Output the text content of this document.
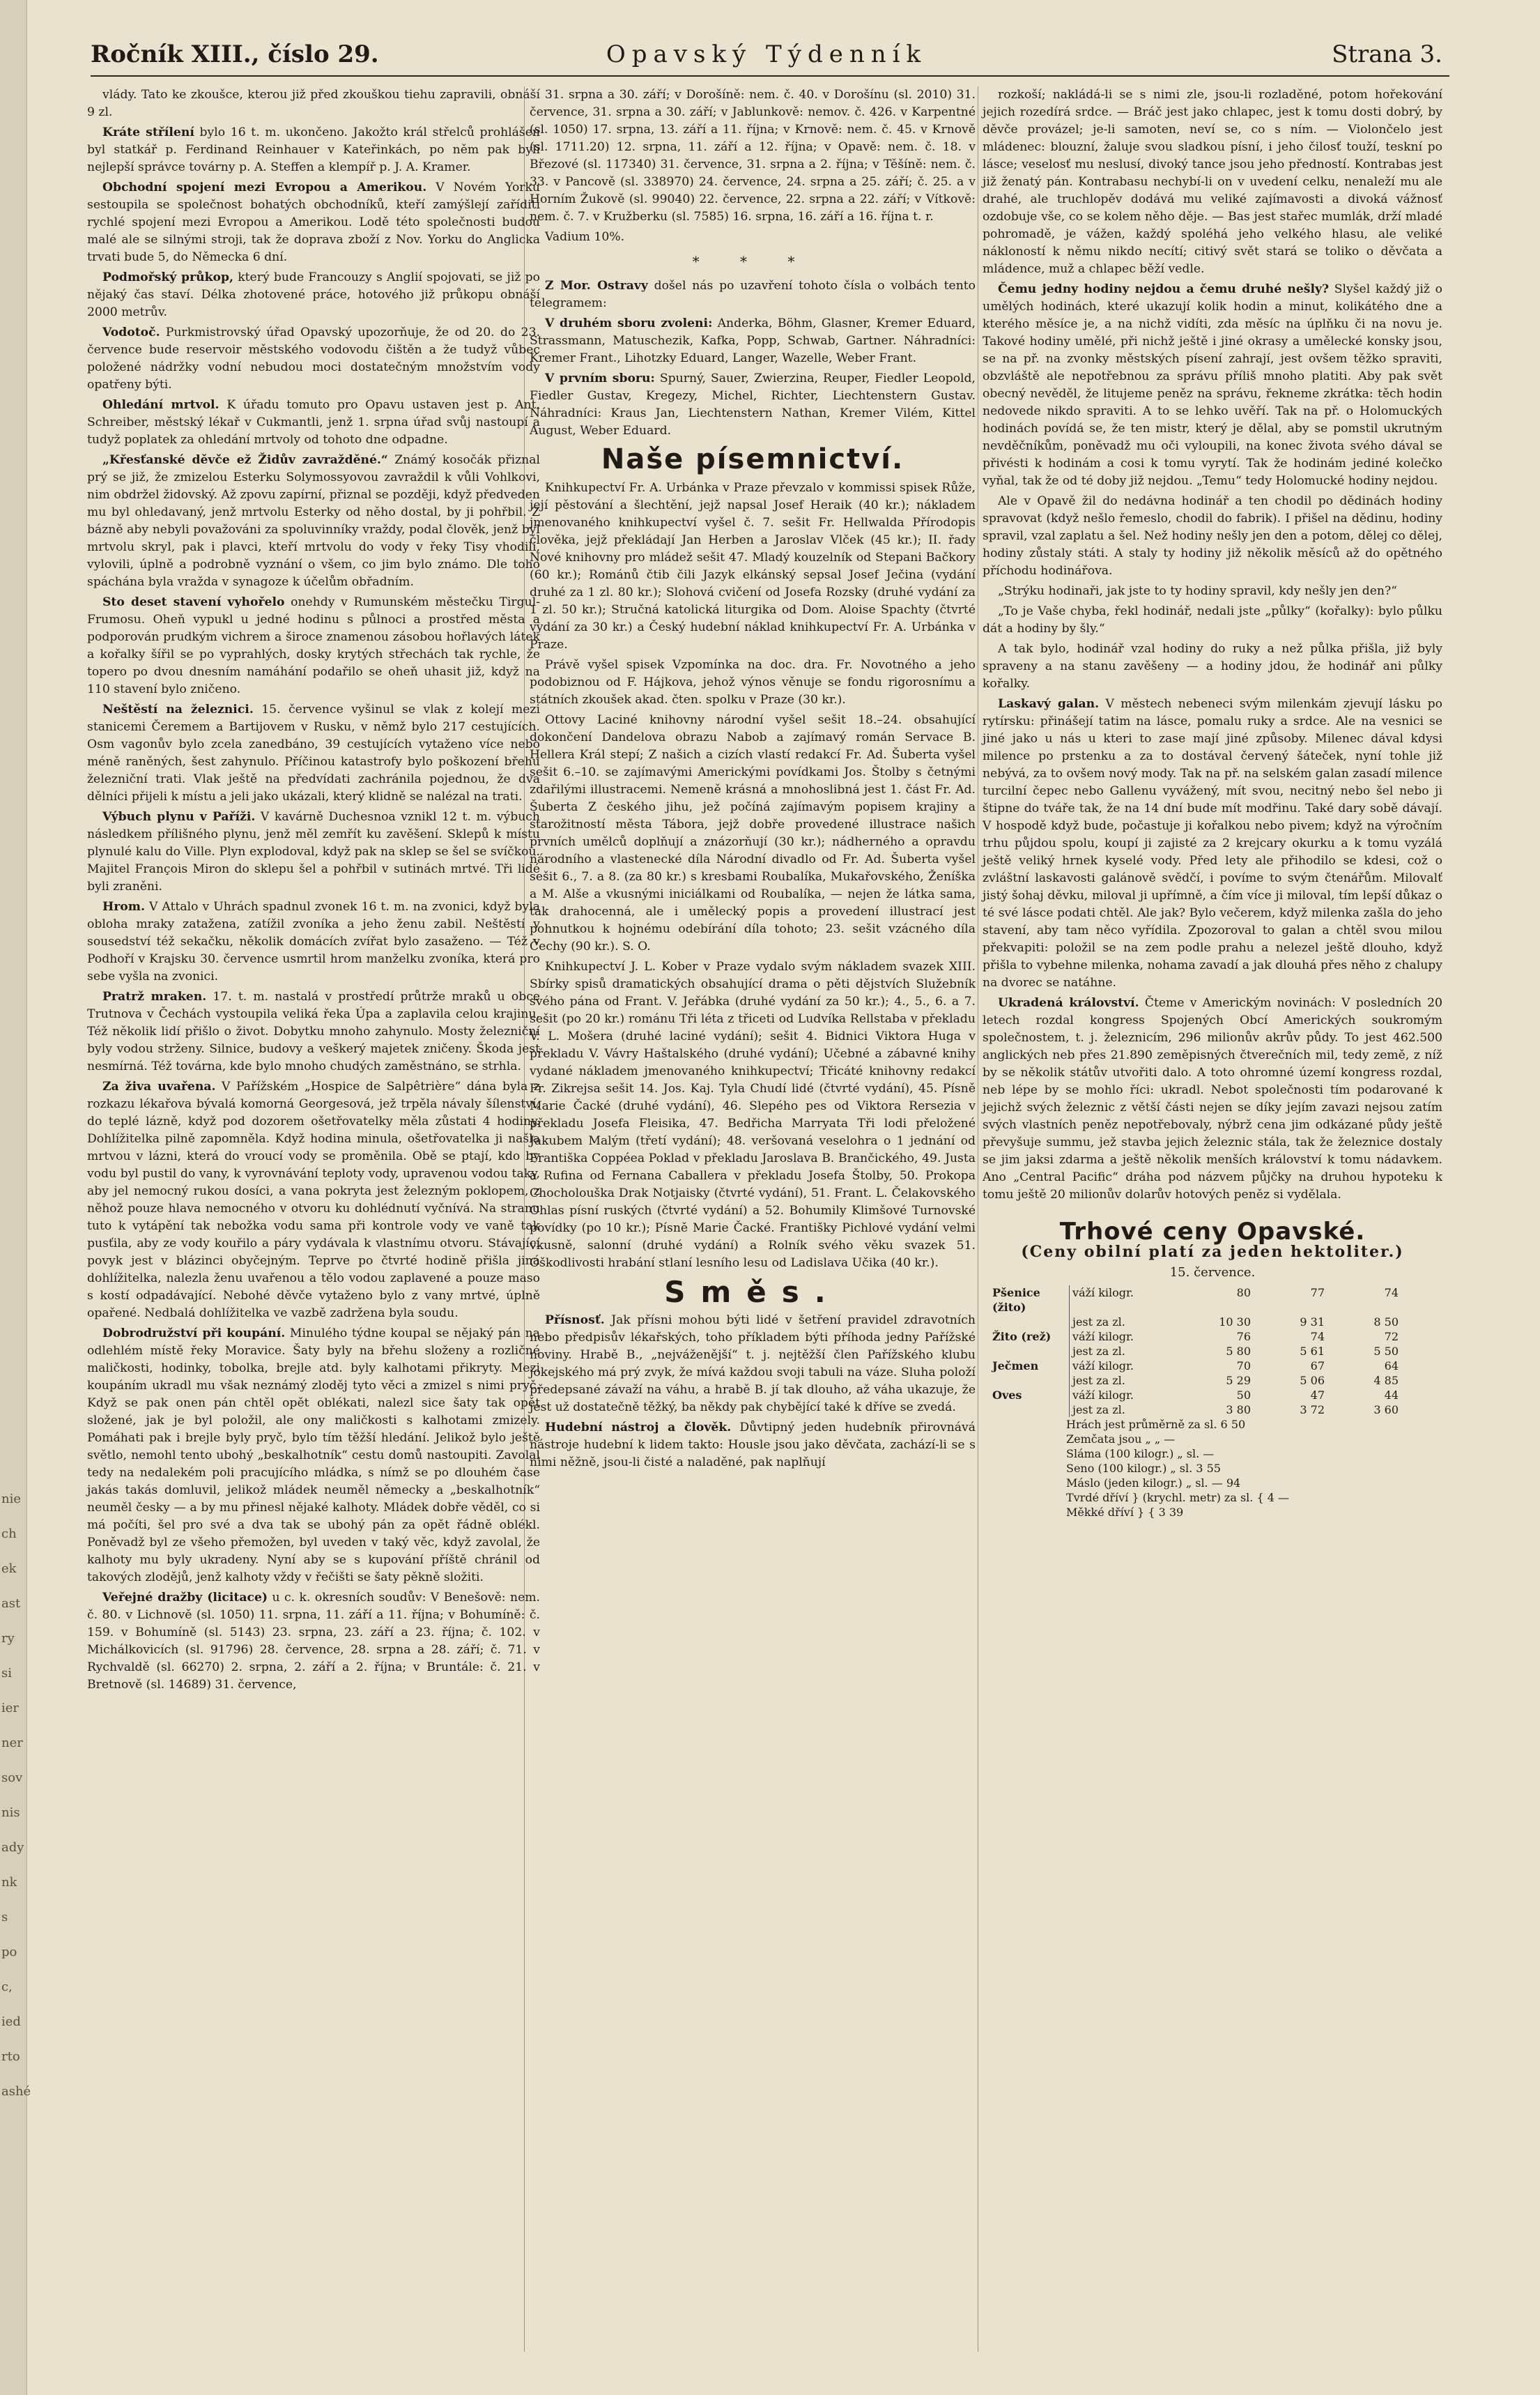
nie
ch
ek
ast
ry
si
ier
ner
sov
nis
ady
nk
s
po
c,
ied
rto
ashé
Ročník XIII., číslo 29.	Opavský Týdenník	Strana 3.

vlády. Tato ke zkoušce, kterou již před zkouškou tiehu zapravili, obnáší 9 zl.

Kráte střílení bylo 16 t. m. ukončeno. Jakožto král střelců prohlášen byl statkář p. Ferdinand Reinhauer v Kateřinkách, po něm pak byli nejlepší správce továrny p. A. Steffen a klempíř p. J. A. Kramer.

Obchodní spojení mezi Evropou a Amerikou. V Novém Yorku sestoupila se společnost bohatých obchodníků, kteří zamýšlejí zaříditi rychlé spojení mezi Evropou a Amerikou. Lodě této společnosti budou malé ale se silnými stroji, tak že doprava zboží z Nov. Yorku do Anglicka trvati bude 5, do Německa 6 dní.

Podmořský průkop, který bude Francouzy s Anglií spojovati, se již po nějaký čas staví. Délka zhotovené práce, hotového již průkopu obnáší 2000 metrův.

Vodotoč. Purkmistrovský úřad Opavský upozorňuje, že od 20. do 23. července bude reservoir městského vodovodu čištěn a že tudyž vůbec položené nádržky vodní nebudou moci dostatečným množstvím vody opatřeny býti.

Ohledání mrtvol. K úřadu tomuto pro Opavu ustaven jest p. Ant. Schreiber, městský lékař v Cukmantli, jenž 1. srpna úřad svůj nastoupí a tudyž poplatek za ohledání mrtvoly od tohoto dne odpadne.

„Křesťanské děvče ež Židův zavražděné.“ Známý kosočák přiznal prý se již, že zmizelou Esterku Solymossyovou zavraždil k vůli Vohlkovi, nim obdržel židovský. Až zpovu zapírní, přiznal se později, když předveden mu byl ohledavaný, jenž mrtvolu Esterky od něho dostal, by ji pohřbil. Z bázně aby nebyli považováni za spoluvinníky vraždy, podal člověk, jenž byl mrtvolu skryl, pak i plavci, kteří mrtvolu do vody v řeky Tisy vhodili, vylovili, úplně a podrobně vyznání o všem, co jim bylo známo. Dle toho spáchána byla vražda v synagoze k účelům obřadním.

Sto deset stavení vyhořelo onehdy v Rumunském městečku Tirgul-Frumosu. Oheň vypukl u jedné hodinu s půlnoci a prostřed města a podporován prudkým vichrem a široce znamenou zásobou hořlavých látek a kořalky šířil se po vyprahlých, dosky krytých střechách tak rychle, že topero po dvou dnesním namáhání podařilo se oheň uhasit již, když na 110 stavení bylo zničeno.

Neštěstí na železnici. 15. července vyšinul se vlak z kolejí mezi stanicemi Čeremem a Bartijovem v Rusku, v němž bylo 217 cestujících. Osm vagonův bylo zcela zanedbáno, 39 cestujících vytaženo více nebo méně raněných, šest zahynulo. Příčinou katastrofy bylo poškození břehu železniční trati. Vlak ještě na předvídati zachránila pojednou, že dva dělníci přijeli k místu a jeli jako ukázali, který klidně se nalézal na trati.

Výbuch plynu v Paříži. V kavárně Duchesnoa vznikl 12 t. m. výbuch následkem přílišného plynu, jenž měl zemřít ku zavěšení. Sklepů k místu plynulé kalu do Ville. Plyn explodoval, když pak na sklep se šel se svíčkou. Majitel François Miron do sklepu šel a pohřbil v sutinách mrtvé. Tři lidé byli zraněni.

Hrom. V Attalo v Uhrách spadnul zvonek 16 t. m. na zvonici, když byla obloha mraky zatažena, zatížil zvoníka a jeho ženu zabil. Neštěstí v sousedství též sekačku, několik domácích zvířat bylo zasaženo. — Též v Podhoří v Krajsku 30. července usmrtil hrom manželku zvoníka, která pro sebe vyšla na zvonici.

Pratrž mraken. 17. t. m. nastalá v prostředí průtrže mraků u obce Trutnova v Čechách vystoupila veliká řeka Úpa a zaplavila celou krajinu. Též několik lidí přišlo o život. Dobytku mnoho zahynulo. Mosty železniční byly vodou strženy. Silnice, budovy a veškerý majetek zničeny. Škoda jest nesmírná. Též továrna, kde bylo mnoho chudých zaměstnáno, se strhla.

Za živa uvařena. V Pařížském „Hospice de Salpêtrière“ dána byla z rozkazu lékařova bývalá komorná Georgesová, jež trpěla návaly šílenství, do teplé lázně, když pod dozorem ošetřovatelky měla zůstati 4 hodiny. Dohlížitelka pilně zapomněla. Když hodina minula, ošetřovatelka ji našla mrtvou v lázni, která do vroucí vody se proměnila. Obě se ptají, kdo by vodu byl pustil do vany, k vyrovnávání teploty vody, upravenou vodou taky, aby jel nemocný rukou dosíci, a vana pokryta jest železným poklopem, z něhož pouze hlava nemocného v otvoru ku dohlédnutí vyčnívá. Na stranu tuto k vytápění tak nebožka vodu sama při kontrole vody ve vaně tak pusťila, aby ze vody kouřilo a páry vydávala k vlastnímu otvoru. Stávající povyk jest v blázinci obyčejným. Teprve po čtvrté hodině přišla jiná dohlížitelka, nalezla ženu uvařenou a tělo vodou zaplavené a pouze maso s kostí odpadávající. Nebohé děvče vytaženo bylo z vany mrtvé, úplně opařené. Nedbalá dohlížitelka ve vazbě zadržena byla soudu.

Dobrodružství při koupání. Minulého týdne koupal se nějaký pán na odlehlém místě řeky Moravice. Šaty byly na břehu složeny a rozličné maličkosti, hodinky, tobolka, brejle atd. byly kalhotami přikryty. Mezi koupáním ukradl mu však neznámý zloděj tyto věci a zmizel s nimi pryč. Když se pak onen pán chtěl opět oblékati, nalezl sice šaty tak opět složené, jak je byl položil, ale ony maličkosti s kalhotami zmizely. Pomáhati pak i brejle byly pryč, bylo tím těžší hledání. Jelikož bylo ještě světlo, nemohl tento ubohý „beskalhotník“ cestu domů nastoupiti. Zavolal tedy na nedalekém poli pracujícího mládka, s nímž se po dlouhém čase jakás takás domluvil, jelikož mládek neuměl německy a „beskalhotník“ neuměl česky — a by mu přinesl nějaké kalhoty. Mládek dobře věděl, co si má počíti, šel pro své a dva tak se ubohý pán za opět řádně oblékl. Poněvadž byl ze všeho přemožen, byl uveden v taký věc, když zavolal, že kalhoty mu byly ukradeny. Nyní aby se s kupování příště chránil od takových zlodějů, jenž kalhoty vždy v řečišti se šaty pěkně složiti.

Veřejné dražby (licitace) u c. k. okresních soudův: V Benešově: nem. č. 80. v Lichnově (sl. 1050) 11. srpna, 11. září a 11. října; v Bohumíně: č. 159. v Bohumíně (sl. 5143) 23. srpna, 23. září a 23. října; č. 102. v Michálkovicích (sl. 91796) 28. července, 28. srpna a 28. září; č. 71. v Rychvaldě (sl. 66270) 2. srpna, 2. září a 2. října; v Bruntále: č. 21. v Bretnově (sl. 14689) 31. července,

31. srpna a 30. září; v Dorošíně: nem. č. 40. v Dorošínu (sl. 2010) 31. července, 31. srpna a 30. září; v Jablunkově: nemov. č. 426. v Karpentné (sl. 1050) 17. srpna, 13. září a 11. října; v Krnově: nem. č. 45. v Krnově (sl. 1711.20) 12. srpna, 11. září a 12. října; v Opavě: nem. č. 18. v Březové (sl. 117340) 31. července, 31. srpna a 2. října; v Těšíně: nem. č. 33. v Pancově (sl. 338970) 24. července, 24. srpna a 25. září; č. 25. a v Horním Žukově (sl. 99040) 22. července, 22. srpna a 22. září; v Vítkově: nem. č. 7. v Kružberku (sl. 7585) 16. srpna, 16. září a 16. října t. r.

Vadium 10%.

* * *

Z Mor. Ostravy došel nás po uzavření tohoto čísla o volbách tento telegramem:

V druhém sboru zvoleni: Anderka, Böhm, Glasner, Kremer Eduard, Strassmann, Matuschezik, Kafka, Popp, Schwab, Gartner. Náhradníci: Kremer Frant., Lihotzky Eduard, Langer, Wazelle, Weber Frant.

V prvním sboru: Spurný, Sauer, Zwierzina, Reuper, Fiedler Leopold, Fiedler Gustav, Kregezy, Michel, Richter, Liechtenstern Gustav. Náhradníci: Kraus Jan, Liechtenstern Nathan, Kremer Vilém, Kittel August, Weber Eduard.

Naše písemnictví.

Knihkupectví Fr. A. Urbánka v Praze převzalo v kommissi spisek Růže, její pěstování a šlechtění, jejž napsal Josef Heraik (40 kr.); nákladem jmenovaného knihkupectví vyšel č. 7. sešit Fr. Hellwalda Přírodopis člověka, jejž překládají Jan Herben a Jaroslav Vlček (45 kr.); II. řady Nové knihovny pro mládež sešit 47. Mladý kouzelník od Stepani Bačkory (60 kr.); Románů čtib čili Jazyk elkánský sepsal Josef Ječina (vydání druhé za 1 zl. 80 kr.); Slohová cvičení od Josefa Rozsky (druhé vydání za 1 zl. 50 kr.); Stručná katolická liturgika od Dom. Aloise Spachty (čtvrté vydání za 30 kr.) a Český hudební náklad knihkupectví Fr. A. Urbánka v Praze.

Právě vyšel spisek Vzpomínka na doc. dra. Fr. Novotného a jeho podobiznou od F. Hájkova, jehož výnos věnuje se fondu rigorosnímu a státních zkoušek akad. čten. spolku v Praze (30 kr.).

Ottovy Laciné knihovny národní vyšel sešit 18.–24. obsahující dokončení Dandelova obrazu Nabob a zajímavý román Servace B. Hellera Král stepí; Z našich a cizích vlastí redakcí Fr. Ad. Šuberta vyšel sešit 6.–10. se zajímavými Americkými povídkami Jos. Štolby s četnými zdařilými illustracemi. Nemeně krásná a mnohoslibná jest 1. část Fr. Ad. Šuberta Z českého jihu, jež počíná zajímavým popisem krajiny a starožitností města Tábora, jejž dobře provedené illustrace našich prvních umělců doplňují a znázorňují (30 kr.); nádherného a opravdu národního a vlastenecké díla Národní divadlo od Fr. Ad. Šuberta vyšel sešit 6., 7. a 8. (za 80 kr.) s kresbami Roubalíka, Mukařovského, Ženíška a M. Alše a vkusnými iniciálkami od Roubalíka, — nejen že látka sama, tak drahocenná, ale i umělecký popis a provedení illustrací jest pohnutkou k hojnému odebírání díla tohoto; 23. sešit vzácného díla Čechy (90 kr.). S. O.

Knihkupectví J. L. Kober v Praze vydalo svým nákladem svazek XIII. Sbírky spisů dramatických obsahující drama o pěti dějstvích Služebník svého pána od Frant. V. Jeřábka (druhé vydání za 50 kr.); 4., 5., 6. a 7. sešit (po 20 kr.) románu Tři léta z třiceti od Ludvíka Rellstaba v překladu V. L. Mošera (druhé laciné vydání); sešit 4. Bidnici Viktora Huga v překladu V. Vávry Haštalského (druhé vydání); Učebné a zábavné knihy vydané nákladem jmenovaného knihkupectví; Třicáté knihovny redakcí Fr. Zikrejsa sešit 14. Jos. Kaj. Tyla Chudí lidé (čtvrté vydání), 45. Písně Marie Čacké (druhé vydání), 46. Slepého pes od Viktora Rersezia v překladu Josefa Fleisika, 47. Bedřicha Marryata Tři lodi přeložené Jakubem Malým (třetí vydání); 48. veršovaná veselohra o 1 jednání od Františka Coppéea Poklad v překladu Jaroslava B. Brančického, 49. Justa a Rufina od Fernana Caballera v překladu Josefa Štolby, 50. Prokopa Chocholouška Drak Notjaisky (čtvrté vydání), 51. Frant. L. Čelakovského Ohlas písní ruských (čtvrté vydání) a 52. Bohumily Klimšové Turnovské povídky (po 10 kr.); Písně Marie Čacké. Františky Pichlové vydání velmi vkusně, salonní (druhé vydání) a Rolník svého věku svazek 51. Oškodlivosti hrabání stlaní lesního lesu od Ladislava Učika (40 kr.).

Směs.

Přísnosť. Jak přísni mohou býti lidé v šetření pravidel zdravotních nebo předpisův lékařských, toho příkladem býti příhoda jedny Pařížské noviny. Hrabě B., „nejváženější“ t. j. nejtěžší člen Pařížského klubu jokejského má prý zvyk, že mívá každou svoji tabuli na váze. Sluha položí předepsané závaží na váhu, a hrabě B. jí tak dlouho, až váha ukazuje, že jest už dostatečně těžký, ba někdy pak chybějící také k dříve se zvedá.

Hudební nástroj a člověk. Důvtipný jeden hudebník přirovnává nástroje hudební k lidem takto: Housle jsou jako děvčata, zachází-li se s nimi něžně, jsou-li čisté a naladěné, pak naplňují

rozkoší; nakládá-li se s nimi zle, jsou-li rozladěné, potom hořekování jejich rozedírá srdce. — Bráč jest jako chlapec, jest k tomu dosti dobrý, by děvče provázel; je-li samoten, neví se, co s ním. — Violončelo jest mládenec: blouzní, žaluje svou sladkou písní, i jeho čilosť touží, teskní po lásce; veselosť mu neslusí, divoký tance jsou jeho předností. Kontrabas jest již ženatý pán. Kontrabasu nechybí-li on v uvedení celku, nenaleží mu ale drahé, ale truchlopěv dodává mu veliké zajímavosti a divoká vážnosť ozdobuje vše, co se kolem něho děje. — Bas jest stařec mumlák, drží mladé pohromadě, je vážen, každý spoléhá jeho velkého hlasu, ale veliké nákloností k němu nikdo necítí; citivý svět stará se toliko o děvčata a mládence, muž a chlapec běží vedle.

Čemu jedny hodiny nejdou a čemu druhé nešly? Slyšel každý již o umělých hodinách, které ukazují kolik hodin a minut, kolikátého dne a kterého měsíce je, a na nichž vidíti, zda měsíc na úplňku či na novu je. Takové hodiny umělé, při nichž ještě i jiné okrasy a umělecké konsky jsou, se na př. na zvonky městských písení zahrají, jest ovšem těžko spraviti, obzvláště ale nepotřebnou za správu příliš mnoho platiti. Aby pak svět obecný nevěděl, že litujeme peněz na správu, řekneme zkrátka: těch hodin nedovede nikdo spraviti. A to se lehko uvěří. Tak na př. o Holomuckých hodinách povídá se, že ten mistr, který je dělal, aby se pomstil ukrutným nevděčníkům, poněvadž mu oči vyloupili, na konec života svého dával se přivésti k hodinám a cosi k tomu vyrytí. Tak že hodinám jediné kolečko vyňal, tak že od té doby již nejdou. „Temu“ tedy Holomucké hodiny nejdou.

Ale v Opavě žil do nedávna hodinář a ten chodil po dědinách hodiny spravovat (když nešlo řemeslo, chodil do fabrik). I přišel na dědinu, hodiny spravil, vzal zaplatu a šel. Než hodiny nešly jen den a potom, dělej co dělej, hodiny zůstaly státi. A staly ty hodiny již několik měsíců až do opětného příchodu hodinářova.

„Strýku hodinaři, jak jste to ty hodiny spravil, kdy nešly jen den?“

„To je Vaše chyba, řekl hodinář, nedali jste „půlky“ (kořalky): bylo půlku dát a hodiny by šly.“

A tak bylo, hodinář vzal hodiny do ruky a než půlka přišla, již byly spraveny a na stanu zavěšeny — a hodiny jdou, že hodinář ani půlky kořalky.

Laskavý galan. V městech nebeneci svým milenkám zjevují lásku po rytírsku: přinášejí tatim na lásce, pomalu ruky a srdce. Ale na vesnici se jiné jako u nás u kteri to zase mají jiné způsoby. Milenec dával kdysi milence po prstenku a za to dostával červený šáteček, nyní tohle již nebývá, za to ovšem nový mody. Tak na př. na selském galan zasadí milence turcilní čepec nebo Gallenu vyvážený, mít svou, necitný nebo šel nebo ji štipne do tváře tak, že na 14 dní bude mít modřinu. Také dary sobě dávají. V hospodě když bude, počastuje ji kořalkou nebo pivem; když na výročním trhu půjdou spolu, koupí ji zajisté za 2 krejcary okurku a k tomu vyzálá ještě veliký hrnek kyselé vody. Před lety ale přihodilo se kdesi, což o zvláštní laskavosti galánově svědčí, i povíme to svým čtenářům. Milovalť jistý šohaj děvku, miloval ji upřímně, a čím více ji miloval, tím lepší důkaz o té své lásce podati chtěl. Ale jak? Bylo večerem, když milenka zašla do jeho stavení, aby tam něco vyřídila. Zpozoroval to galan a chtěl svou milou překvapiti: položil se na zem podle prahu a nelezel ještě dlouho, když přišla to vybehne milenka, nohama zavadí a jak dlouhá přes něho z chalupy na dvorec se natáhne.

Ukradená království. Čteme v Americkým novinách: V posledních 20 letech rozdal kongress Spojených Obcí Amerických soukromým společnostem, t. j. železnicím, 296 milionův akrův půdy. To jest 462.500 anglických neb přes 21.890 zeměpisných čtverečních mil, tedy země, z níž by se několik státův utvořiti dalo. A toto ohromné území kongress rozdal, neb lépe by se mohlo říci: ukradl. Nebot společnosti tím podarované k jejichž svých železnic z větší části nejen se díky jejím zavazi nejsou zatím svých vlastních peněz nepotřebovaly, nýbrž cena jim odkázané půdy ještě převyšuje summu, jež stavba jejich železnic stála, tak že železnice dostaly se jim jaksi zdarma a ještě několik menších království k tomu nádavkem. Ano „Central Pacific“ dráha pod názvem půjčky na druhou hypoteku k tomu ještě 20 milionův dolarův hotových peněz si vydělala.

Trhové ceny Opavské.
(Ceny obilní platí za jeden hektoliter.)
15. července.
Pšenice (žito)	váží kilogr.	80	77	74
	jest za zl.	10 30	9 31	8 50
Žito (rež)	váží kilogr.	76	74	72
	jest za zl.	5 80	5 61	5 50
Ječmen	váží kilogr.	70	67	64
	jest za zl.	5 29	5 06	4 85
Oves	váží kilogr.	50	47	44
	jest za zl.	3 80	3 72	3 60
Hrách jest průměrně za sl. 6 50
Zemčata jsou „ „ —
Sláma (100 kilogr.) „ sl. —
Seno (100 kilogr.) „ sl. 3 55
Máslo (jeden kilogr.) „ sl. — 94
Tvrdé dříví } (krychl. metr) za sl. { 4 —
Měkké dříví } { 3 39
